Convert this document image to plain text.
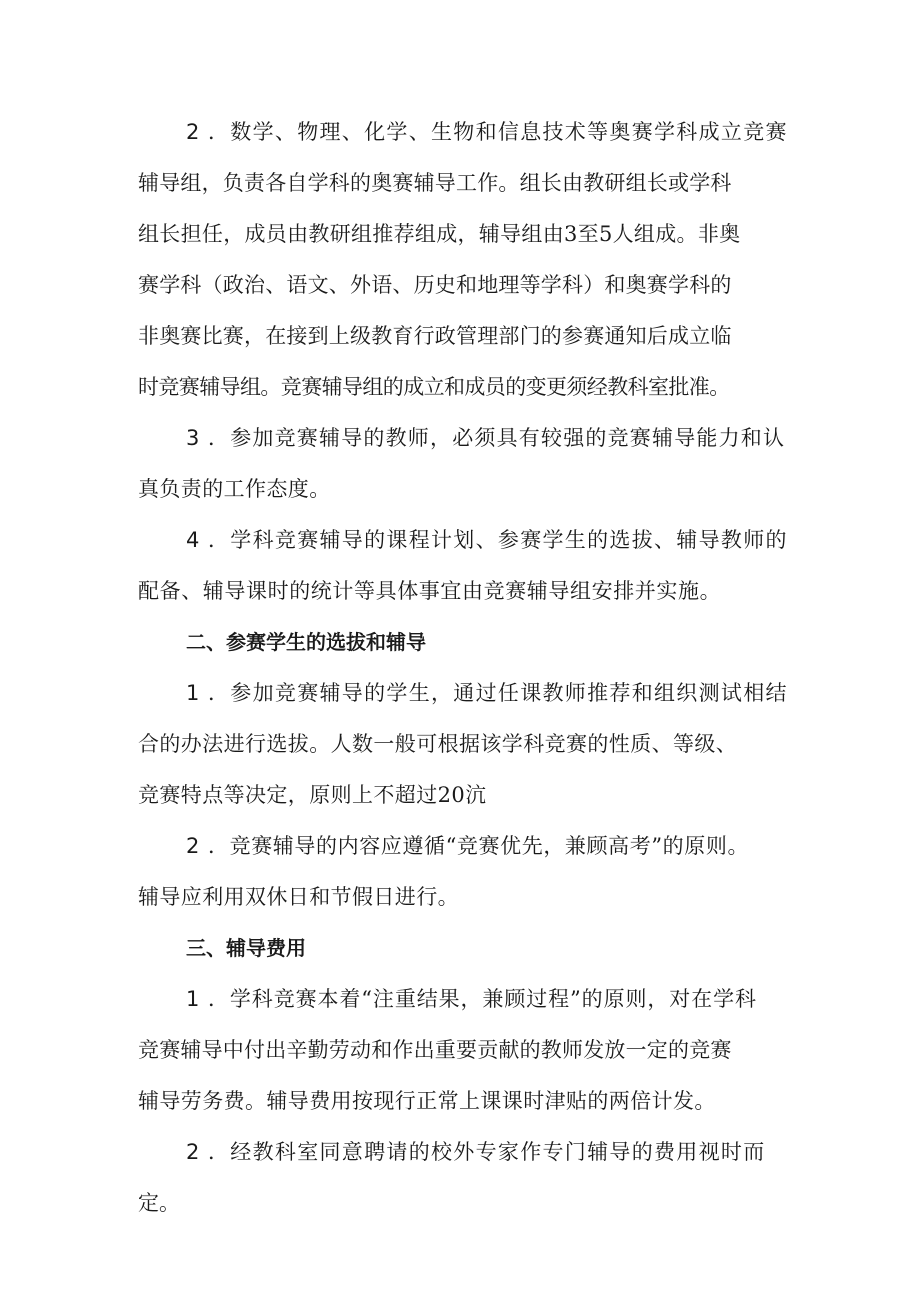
2 ．数学、物理、化学、生物和信息技术等奥赛学科成立竞赛
辅导组，负责各自学科的奥赛辅导工作。组长由教研组长或学科
组长担任，成员由教研组推荐组成，辅导组由3至5人组成。非奥
赛学科（政治、语文、外语、历史和地理等学科）和奥赛学科的
非奥赛比赛，在接到上级教育行政管理部门的参赛通知后成立临
时竞赛辅导组。竞赛辅导组的成立和成员的变更须经教科室批准。
3 ．参加竞赛辅导的教师，必须具有较强的竞赛辅导能力和认
真负责的工作态度。
4 ．学科竞赛辅导的课程计划、参赛学生的选拔、辅导教师的
配备、辅导课时的统计等具体事宜由竞赛辅导组安排并实施。
二、参赛学生的选拔和辅导
1 ．参加竞赛辅导的学生，通过任课教师推荐和组织测试相结
合的办法进行选拔。人数一般可根据该学科竞赛的性质、等级、
竞赛特点等决定，原则上不超过20沆
2 ．竞赛辅导的内容应遵循“竞赛优先，兼顾高考”的原则。
辅导应利用双休日和节假日进行。
三、辅导费用
1 ．学科竞赛本着“注重结果，兼顾过程”的原则，对在学科
竞赛辅导中付出辛勤劳动和作出重要贡献的教师发放一定的竞赛
辅导劳务费。辅导费用按现行正常上课课时津贴的两倍计发。
2 ．经教科室同意聘请的校外专家作专门辅导的费用视时而
定。
